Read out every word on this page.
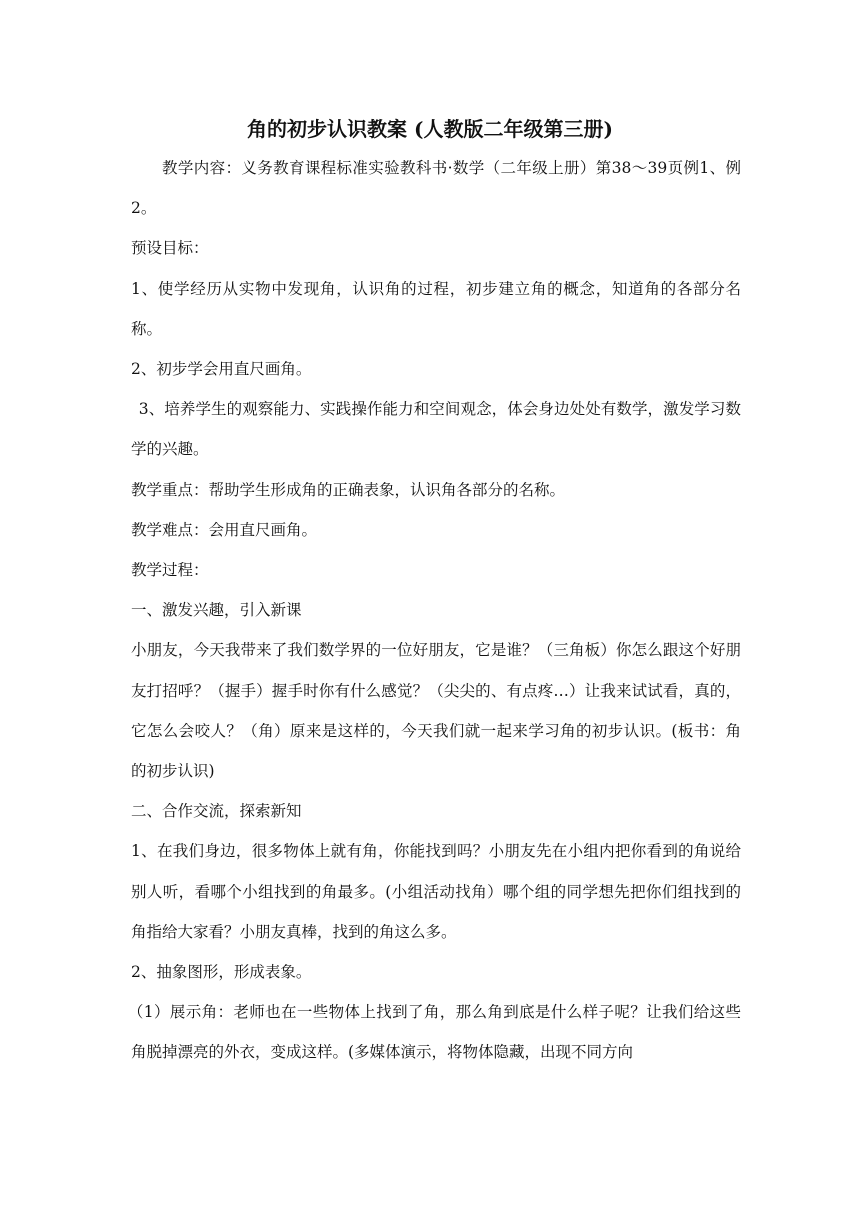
角的初步认识教案 (人教版二年级第三册)

教学内容：义务教育课程标准实验教科书·数学（二年级上册）第38～39页例1、例2。

预设目标：

1、使学经历从实物中发现角，认识角的过程，初步建立角的概念，知道角的各部分名称。

2、初步学会用直尺画角。

3、培养学生的观察能力、实践操作能力和空间观念，体会身边处处有数学，激发学习数学的兴趣。

教学重点：帮助学生形成角的正确表象，认识角各部分的名称。

教学难点：会用直尺画角。

教学过程：

一、激发兴趣，引入新课

小朋友，今天我带来了我们数学界的一位好朋友，它是谁？（三角板）你怎么跟这个好朋友打招呼？（握手）握手时你有什么感觉？（尖尖的、有点疼…）让我来试试看，真的，它怎么会咬人？（角）原来是这样的，今天我们就一起来学习角的初步认识。(板书：角的初步认识)

二、合作交流，探索新知

1、在我们身边，很多物体上就有角，你能找到吗？小朋友先在小组内把你看到的角说给别人听，看哪个小组找到的角最多。(小组活动找角）哪个组的同学想先把你们组找到的角指给大家看？小朋友真棒，找到的角这么多。

2、抽象图形，形成表象。

（1）展示角：老师也在一些物体上找到了角，那么角到底是什么样子呢？让我们给这些角脱掉漂亮的外衣，变成这样。(多媒体演示，将物体隐藏，出现不同方向
